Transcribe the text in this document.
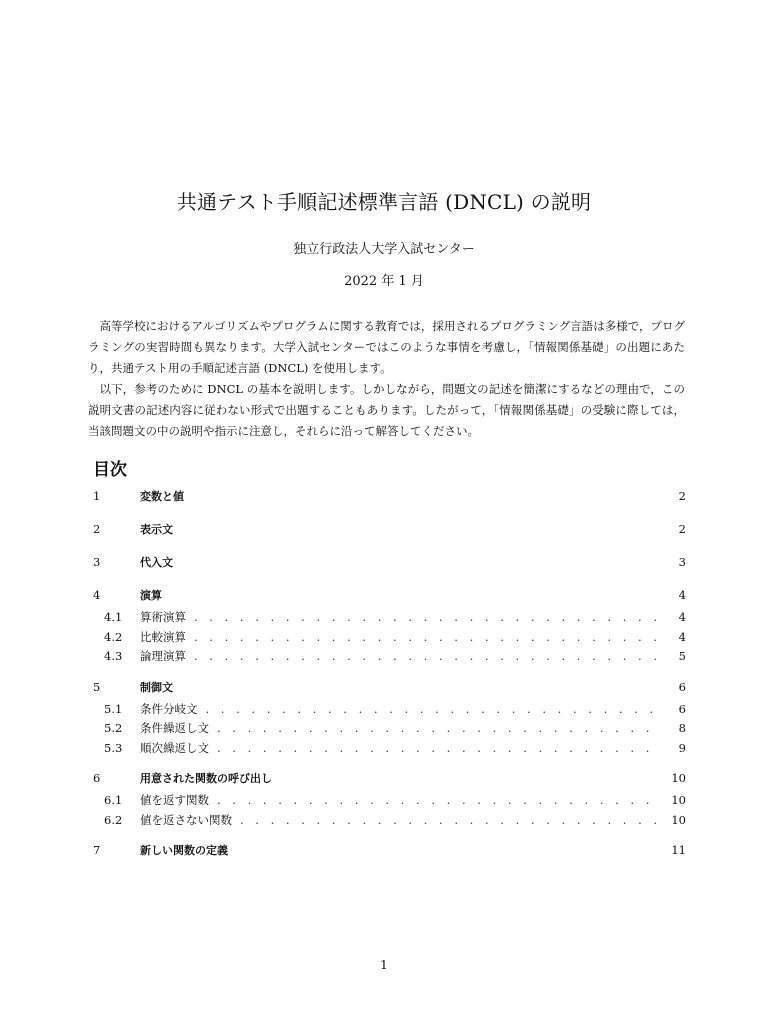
共通テスト手順記述標準言語 (DNCL) の説明
独立行政法人大学入試センター
2022 年 1 月

高等学校におけるアルゴリズムやプログラムに関する教育では，採用されるプログラミング言語は多様で，プログラミングの実習時間も異なります。大学入試センターではこのような事情を考慮し，「情報関係基礎」の出題にあたり，共通テスト用の手順記述言語 (DNCL) を使用します。

以下，参考のために DNCL の基本を説明します。しかしながら，問題文の記述を簡潔にするなどの理由で，この説明文書の記述内容に従わない形式で出題することもあります。したがって，「情報関係基礎」の受験に際しては，当該問題文の中の説明や指示に注意し，それらに沿って解答してください。

目次
1	変数と値	2
2	表示文	2
3	代入文	3
4	演算	4
4.1	算術演算 . . .	4
4.2	比較演算 . . .	4
4.3	論理演算 . . .	5
5	制御文	6
5.1	条件分岐文 . . .	6
5.2	条件繰返し文 . . .	8
5.3	順次繰返し文 . . .	9
6	用意された関数の呼び出し	10
6.1	値を返す関数 . . .	10
6.2	値を返さない関数 . . .	10
7	新しい関数の定義	11
1
